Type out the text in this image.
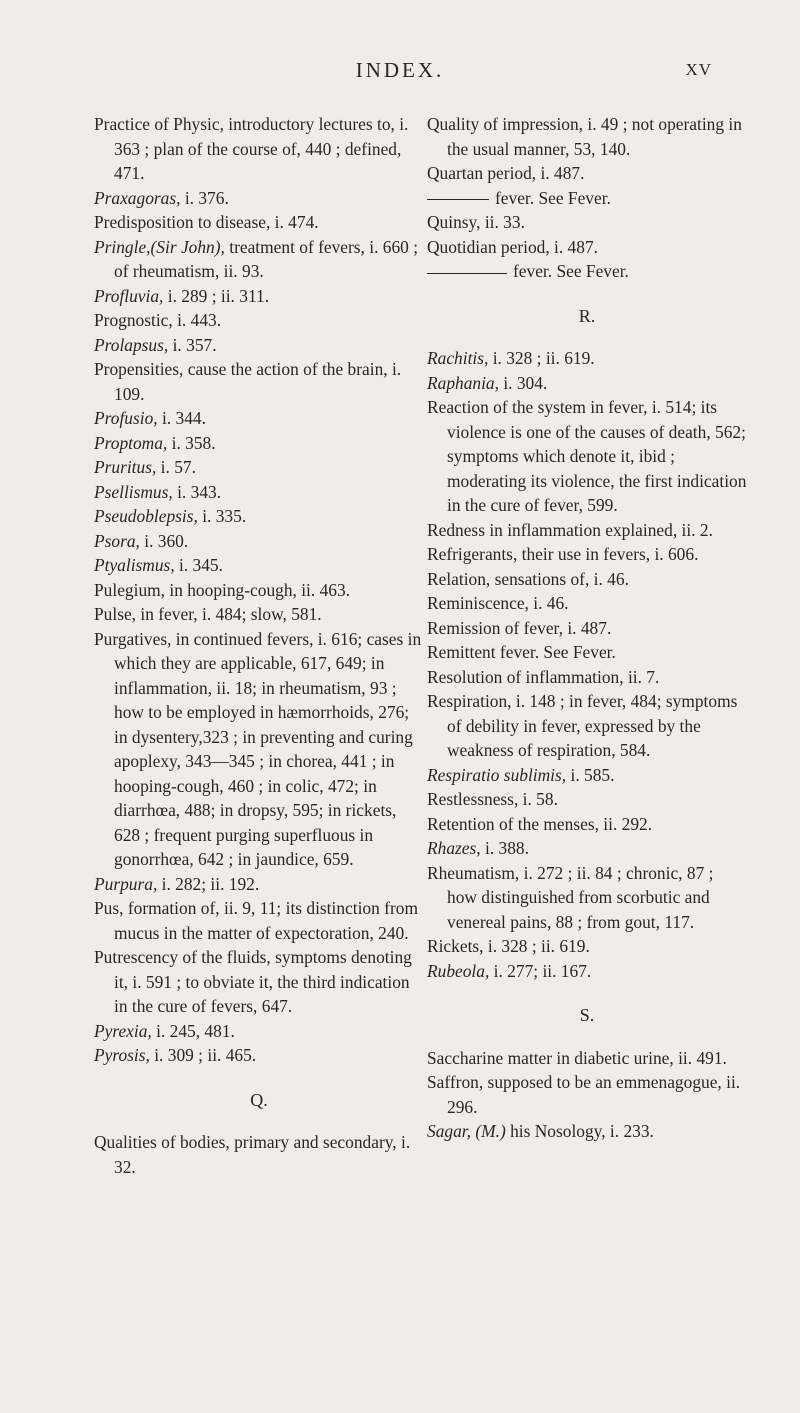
INDEX.	XV

Practice of Physic, introductory lectures to, i. 363 ; plan of the course of, 440 ; defined, 471.

Praxagoras, i. 376.

Predisposition to disease, i. 474.

Pringle,(Sir John), treatment of fevers, i. 660 ; of rheumatism, ii. 93.

Profluvia, i. 289 ; ii. 311.

Prognostic, i. 443.

Prolapsus, i. 357.

Propensities, cause the action of the brain, i. 109.

Profusio, i. 344.

Proptoma, i. 358.

Pruritus, i. 57.

Psellismus, i. 343.

Pseudoblepsis, i. 335.

Psora, i. 360.

Ptyalismus, i. 345.

Pulegium, in hooping-cough, ii. 463.

Pulse, in fever, i. 484; slow, 581.

Purgatives, in continued fevers, i. 616; cases in which they are applicable, 617, 649; in inflammation, ii. 18; in rheumatism, 93 ; how to be employed in hæmorrhoids, 276; in dysentery,323 ; in preventing and curing apoplexy, 343—345 ; in chorea, 441 ; in hooping-cough, 460 ; in colic, 472; in diarrhœa, 488; in dropsy, 595; in rickets, 628 ; frequent purging superfluous in gonorrhœa, 642 ; in jaundice, 659.

Purpura, i. 282; ii. 192.

Pus, formation of, ii. 9, 11; its distinction from mucus in the matter of expectoration, 240.

Putrescency of the fluids, symptoms denoting it, i. 591 ; to obviate it, the third indication in the cure of fevers, 647.

Pyrexia, i. 245, 481.

Pyrosis, i. 309 ; ii. 465.

Q.

Qualities of bodies, primary and secondary, i. 32.

Quality of impression, i. 49 ; not operating in the usual manner, 53, 140.

Quartan period, i. 487.

fever. See Fever.

Quinsy, ii. 33.

Quotidian period, i. 487.

fever. See Fever.

R.

Rachitis, i. 328 ; ii. 619.

Raphania, i. 304.

Reaction of the system in fever, i. 514; its violence is one of the causes of death, 562; symptoms which denote it, ibid ; moderating its violence, the first indication in the cure of fever, 599.

Redness in inflammation explained, ii. 2.

Refrigerants, their use in fevers, i. 606.

Relation, sensations of, i. 46.

Reminiscence, i. 46.

Remission of fever, i. 487.

Remittent fever. See Fever.

Resolution of inflammation, ii. 7.

Respiration, i. 148 ; in fever, 484; symptoms of debility in fever, expressed by the weakness of respiration, 584.

Respiratio sublimis, i. 585.

Restlessness, i. 58.

Retention of the menses, ii. 292.

Rhazes, i. 388.

Rheumatism, i. 272 ; ii. 84 ; chronic, 87 ; how distinguished from scorbutic and venereal pains, 88 ; from gout, 117.

Rickets, i. 328 ; ii. 619.

Rubeola, i. 277; ii. 167.

S.

Saccharine matter in diabetic urine, ii. 491.

Saffron, supposed to be an emmenagogue, ii. 296.

Sagar, (M.) his Nosology, i. 233.
